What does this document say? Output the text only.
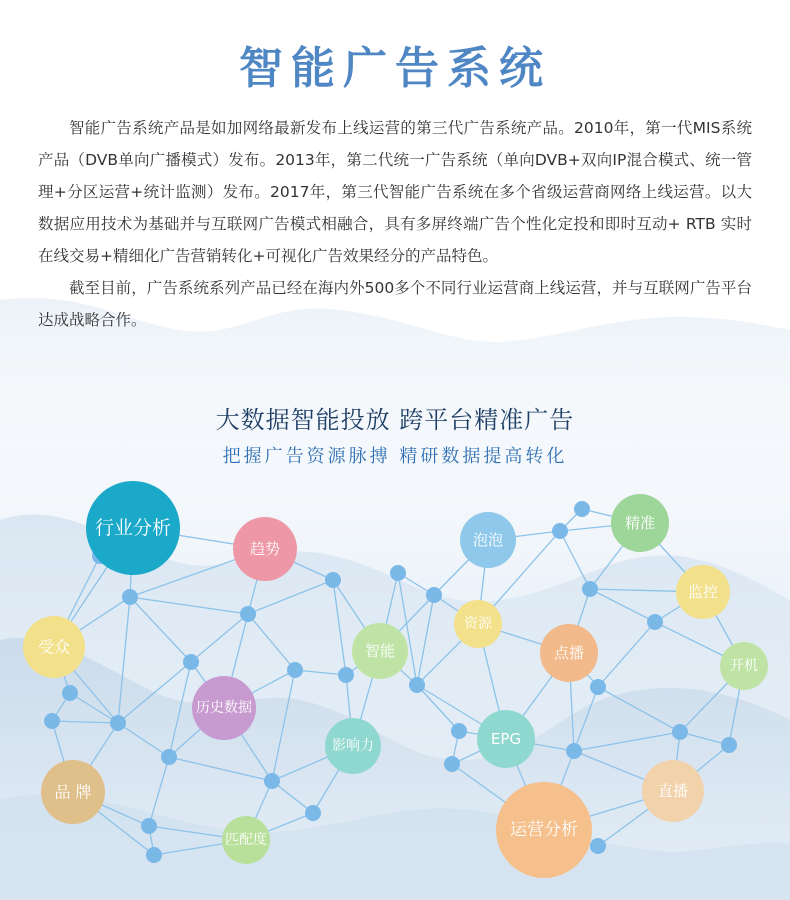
智能广告系统

智能广告系统产品是如加网络最新发布上线运营的第三代广告系统产品。2010年，第一代MIS系统产品（DVB单向广播模式）发布。2013年，第二代统一广告系统（单向DVB+双向IP混合模式、统一管理+分区运营+统计监测）发布。2017年，第三代智能广告系统在多个省级运营商网络上线运营。以大数据应用技术为基础并与互联网广告模式相融合，具有多屏终端广告个性化定投和即时互动+ RTB 实时在线交易+精细化广告营销转化+可视化广告效果经分的产品特色。

截至目前，广告系统系列产品已经在海内外500多个不同行业运营商上线运营，并与互联网广告平台达成战略合作。

大数据智能投放 跨平台精准广告
把握广告资源脉搏 精研数据提高转化
行业分析
趋势
受众
历史数据
品 牌
影响力
匹配度
智能
泡泡
精准
资源
监控
点播
开机
EPG
直播
运营分析
